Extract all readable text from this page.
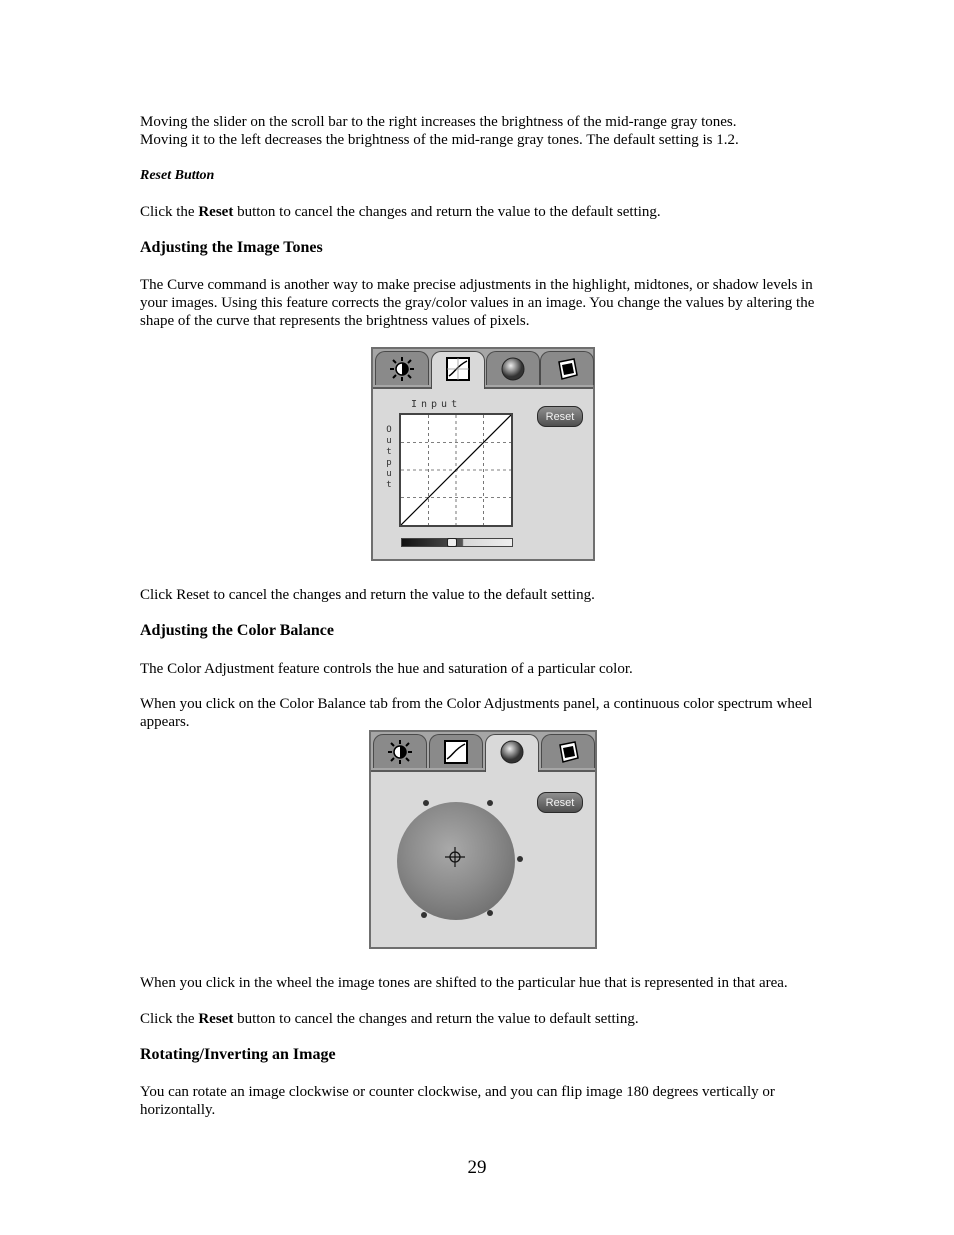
Moving the slider on the scroll bar to the right increases the brightness of the mid-range gray tones.
Moving it to the left decreases the brightness of the mid-range gray tones. The default setting is 1.2.

Reset Button

Click the Reset button to cancel the changes and return the value to the default setting.

Adjusting the Image Tones

The Curve command is another way to make precise adjustments in the highlight, midtones, or shadow levels in your images. Using this feature corrects the gray/color values in an image. You change the values by altering the shape of the curve that represents the brightness values of pixels.

Input
Output
Reset

Click Reset to cancel the changes and return the value to the default setting.

Adjusting the Color Balance

The Color Adjustment feature controls the hue and saturation of a particular color.

When you click on the Color Balance tab from the Color Adjustments panel, a continuous color spectrum wheel appears.

Reset

When you click in the wheel the image tones are shifted to the particular hue that is represented in that area.

Click the Reset button to cancel the changes and return the value to default setting.

Rotating/Inverting an Image

You can rotate an image clockwise or counter clockwise, and you can flip image 180 degrees vertically or horizontally.

29
